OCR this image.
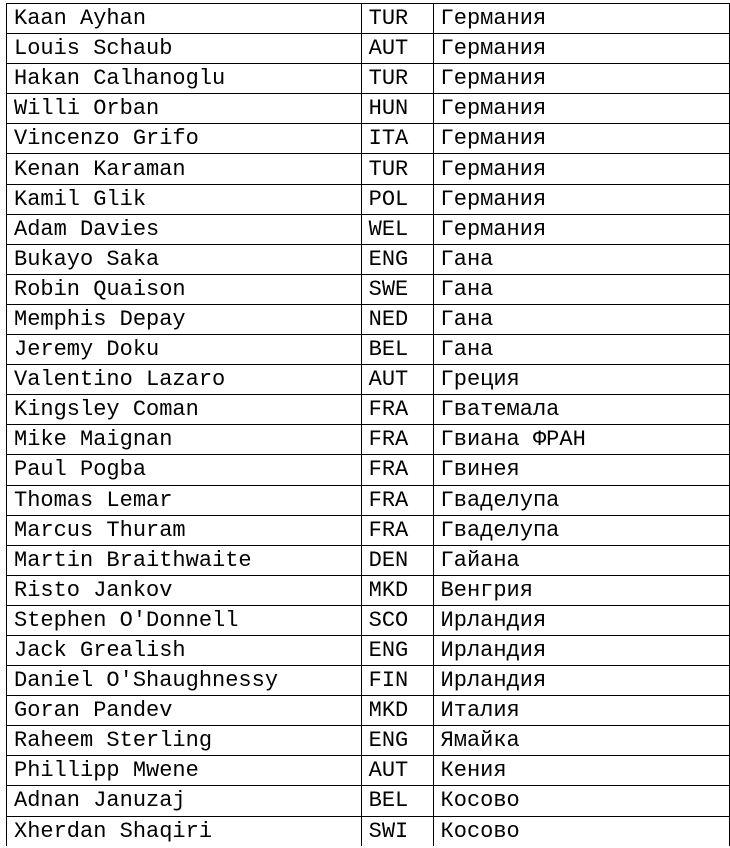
Kaan Ayhan	TUR	Германия
Louis Schaub	AUT	Германия
Hakan Calhanoglu	TUR	Германия
Willi Orban	HUN	Германия
Vincenzo Grifo	ITA	Германия
Kenan Karaman	TUR	Германия
Kamil Glik	POL	Германия
Adam Davies	WEL	Германия
Bukayo Saka	ENG	Гана
Robin Quaison	SWE	Гана
Memphis Depay	NED	Гана
Jeremy Doku	BEL	Гана
Valentino Lazaro	AUT	Греция
Kingsley Coman	FRA	Гватемала
Mike Maignan	FRA	Гвиана ФРАН
Paul Pogba	FRA	Гвинея
Thomas Lemar	FRA	Гваделупа
Marcus Thuram	FRA	Гваделупа
Martin Braithwaite	DEN	Гайана
Risto Jankov	MKD	Венгрия
Stephen O'Donnell	SCO	Ирландия
Jack Grealish	ENG	Ирландия
Daniel O'Shaughnessy	FIN	Ирландия
Goran Pandev	MKD	Италия
Raheem Sterling	ENG	Ямайка
Phillipp Mwene	AUT	Кения
Adnan Januzaj	BEL	Косово
Xherdan Shaqiri	SWI	Косово
